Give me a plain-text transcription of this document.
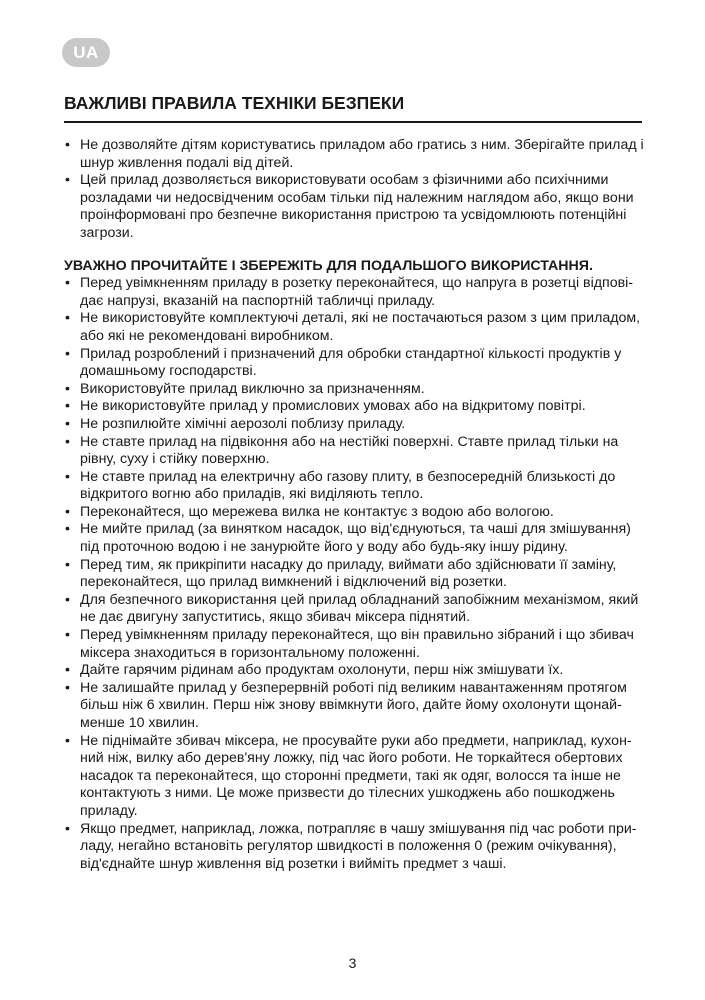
UA
ВАЖЛИВІ ПРАВИЛА ТЕХНІКИ БЕЗПЕКИ
• Не дозволяйте дітям користуватись приладом або гратись з ним. Зберігайте прилад і шнур живлення подалі від дітей.
• Цей прилад дозволяється використовувати особам з фізичними або психічними розладами чи недосвідченим особам тільки під належним наглядом або, якщо вони проінформовані про безпечне використання пристрою та усвідомлюють потенційні загрози.

УВАЖНО ПРОЧИТАЙТЕ І ЗБЕРЕЖІТЬ ДЛЯ ПОДАЛЬШОГО ВИКОРИСТАННЯ.

• Перед увімкненням приладу в розетку переконайтеся, що напруга в розетці відповідає напрузі, вказаній на паспортній табличці приладу.
• Не використовуйте комплектуючі деталі, які не постачаються разом з цим приладом, або які не рекомендовані виробником.
• Прилад розроблений і призначений для обробки стандартної кількості продуктів у домашньому господарстві.
• Використовуйте прилад виключно за призначенням.
• Не використовуйте прилад у промислових умовах або на відкритому повітрі.
• Не розпилюйте хімічні аерозолі поблизу приладу.
• Не ставте прилад на підвіконня або на нестійкі поверхні. Ставте прилад тільки на рівну, суху і стійку поверхню.
• Не ставте прилад на електричну або газову плиту, в безпосередній близькості до відкритого вогню або приладів, які виділяють тепло.
• Переконайтеся, що мережева вилка не контактує з водою або вологою.
• Не мийте прилад (за винятком насадок, що від'єднуються, та чаші для змішування) під проточною водою і не занурюйте його у воду або будь-яку іншу рідину.
• Перед тим, як прикріпити насадку до приладу, виймати або здійснювати її заміну, переконайтеся, що прилад вимкнений і відключений від розетки.
• Для безпечного використання цей прилад обладнаний запобіжним механізмом, який не дає двигуну запуститись, якщо збивач міксера піднятий.
• Перед увімкненням приладу переконайтеся, що він правильно зібраний і що збивач міксера знаходиться в горизонтальному положенні.
• Дайте гарячим рідинам або продуктам охолонути, перш ніж змішувати їх.
• Не залишайте прилад у безперервній роботі під великим навантаженням протягом більш ніж 6 хвилин. Перш ніж знову ввімкнути його, дайте йому охолонути щонайменше 10 хвилин.
• Не піднімайте збивач міксера, не просувайте руки або предмети, наприклад, кухонний ніж, вилку або дерев'яну ложку, під час його роботи. Не торкайтеся обертових насадок та переконайтеся, що сторонні предмети, такі як одяг, волосся та інше не контактують з ними. Це може призвести до тілесних ушкоджень або пошкоджень приладу.
• Якщо предмет, наприклад, ложка, потрапляє в чашу змішування під час роботи приладу, негайно встановіть регулятор швидкості в положення 0 (режим очікування), від'єднайте шнур живлення від розетки і вийміть предмет з чаші.
3
